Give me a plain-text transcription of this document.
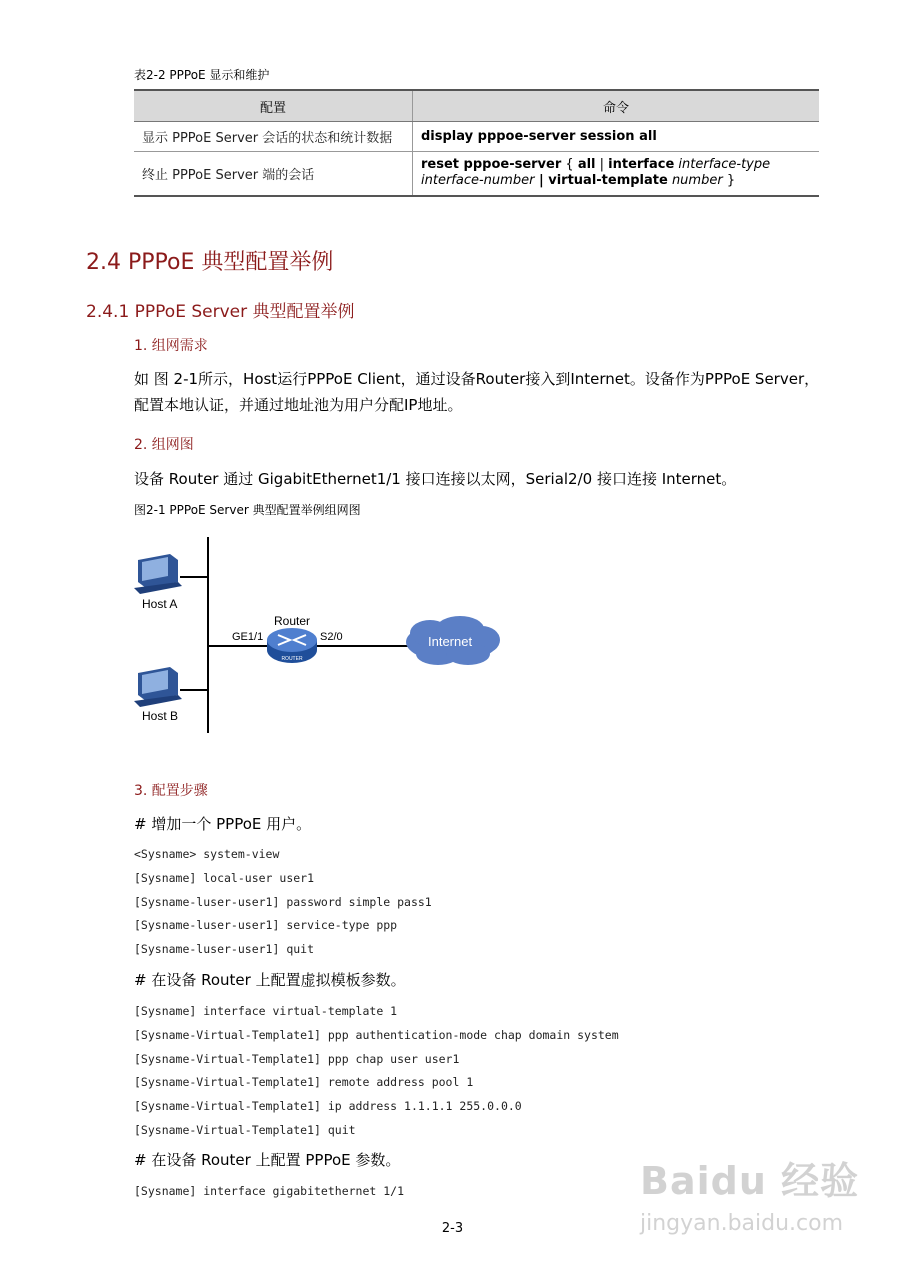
表2-2 PPPoE 显示和维护
配置	命令
显示 PPPoE Server 会话的状态和统计数据	display pppoe-server session all
终止 PPPoE Server 端的会话	reset pppoe-server { all | interface interface-type
interface-number | virtual-template number }
2.4 PPPoE 典型配置举例
2.4.1 PPPoE Server 典型配置举例
1. 组网需求
如 图 2-1所示，Host运行PPPoE Client，通过设备Router接入到Internet。设备作为PPPoE Server，配置本地认证，并通过地址池为用户分配IP地址。
2. 组网图
设备 Router 通过 GigabitEthernet1/1 接口连接以太网，Serial2/0 接口连接 Internet。
图2-1 PPPoE Server 典型配置举例组网图
Host A
Host B
ROUTER
Router
GE1/1	S2/0	Internet
3. 配置步骤
# 增加一个 PPPoE 用户。
<Sysname> system-view
[Sysname] local-user user1
[Sysname-luser-user1] password simple pass1
[Sysname-luser-user1] service-type ppp
[Sysname-luser-user1] quit
# 在设备 Router 上配置虚拟模板参数。
[Sysname] interface virtual-template 1
[Sysname-Virtual-Template1] ppp authentication-mode chap domain system
[Sysname-Virtual-Template1] ppp chap user user1
[Sysname-Virtual-Template1] remote address pool 1
[Sysname-Virtual-Template1] ip address 1.1.1.1 255.0.0.0
[Sysname-Virtual-Template1] quit
# 在设备 Router 上配置 PPPoE 参数。
[Sysname] interface gigabitethernet 1/1
2-3
Baidu 经验
jingyan.baidu.com
